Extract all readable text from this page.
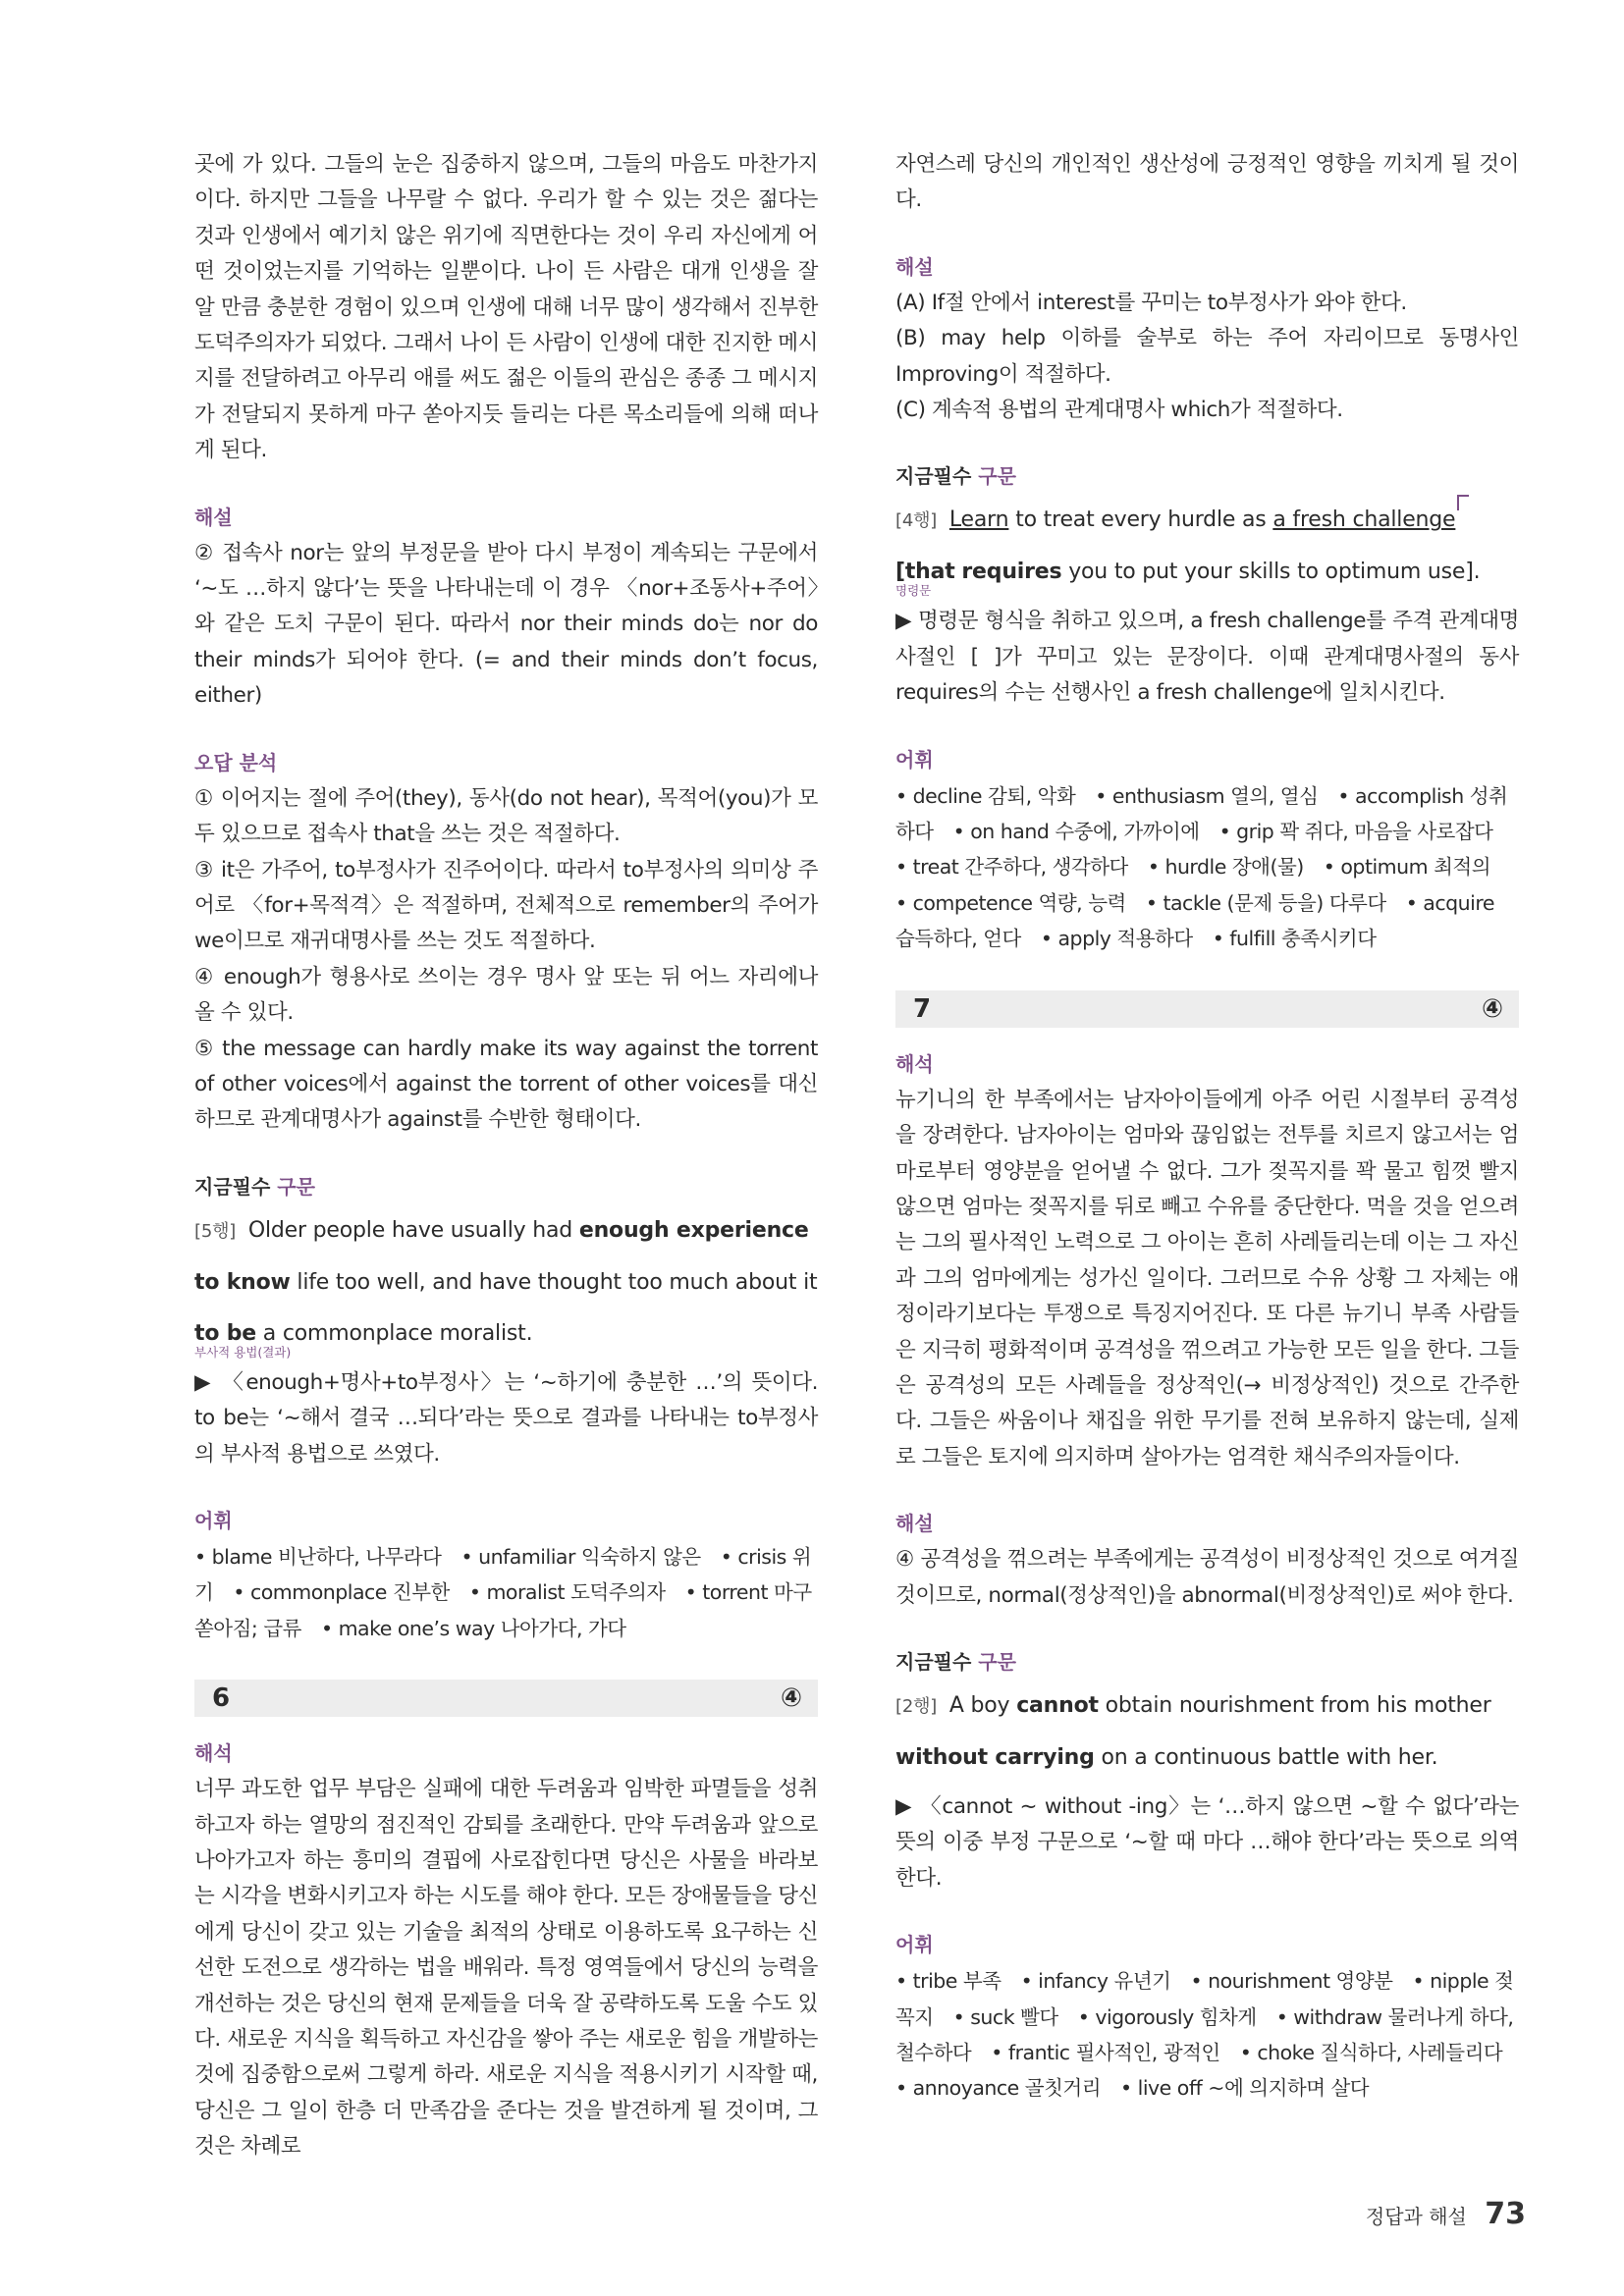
곳에 가 있다. 그들의 눈은 집중하지 않으며, 그들의 마음도 마찬가지이다. 하지만 그들을 나무랄 수 없다. 우리가 할 수 있는 것은 젊다는 것과 인생에서 예기치 않은 위기에 직면한다는 것이 우리 자신에게 어떤 것이었는지를 기억하는 일뿐이다. 나이 든 사람은 대개 인생을 잘 알 만큼 충분한 경험이 있으며 인생에 대해 너무 많이 생각해서 진부한 도덕주의자가 되었다. 그래서 나이 든 사람이 인생에 대한 진지한 메시지를 전달하려고 아무리 애를 써도 젊은 이들의 관심은 종종 그 메시지가 전달되지 못하게 마구 쏟아지듯 들리는 다른 목소리들에 의해 떠나게 된다.

해설

② 접속사 nor는 앞의 부정문을 받아 다시 부정이 계속되는 구문에서 ‘~도 …하지 않다’는 뜻을 나타내는데 이 경우 〈nor+조동사+주어〉와 같은 도치 구문이 된다. 따라서 nor their minds do는 nor do their minds가 되어야 한다. (= and their minds don’t focus, either)

오답 분석

① 이어지는 절에 주어(they), 동사(do not hear), 목적어(you)가 모두 있으므로 접속사 that을 쓰는 것은 적절하다.

③ it은 가주어, to부정사가 진주어이다. 따라서 to부정사의 의미상 주어로 〈for+목적격〉은 적절하며, 전체적으로 remember의 주어가 we이므로 재귀대명사를 쓰는 것도 적절하다.

④ enough가 형용사로 쓰이는 경우 명사 앞 또는 뒤 어느 자리에나 올 수 있다.

⑤ the message can hardly make its way against the torrent of other voices에서 against the torrent of other voices를 대신하므로 관계대명사가 against를 수반한 형태이다.

지금필수 구문

[5행] Older people have usually had enough experience to know life too well, and have thought too much about it to be a commonplace moralist.

부사적 용법(결과)

▶ 〈enough+명사+to부정사〉는 ‘~하기에 충분한 …’의 뜻이다. to be는 ‘~해서 결국 …되다’라는 뜻으로 결과를 나타내는 to부정사의 부사적 용법으로 쓰였다.

어휘

• blame 비난하다, 나무라다 • unfamiliar 익숙하지 않은 • crisis 위기 • commonplace 진부한 • moralist 도덕주의자 • torrent 마구 쏟아짐; 급류 • make one’s way 나아가다, 가다

6	④

해석

너무 과도한 업무 부담은 실패에 대한 두려움과 임박한 파멸들을 성취하고자 하는 열망의 점진적인 감퇴를 초래한다. 만약 두려움과 앞으로 나아가고자 하는 흥미의 결핍에 사로잡힌다면 당신은 사물을 바라보는 시각을 변화시키고자 하는 시도를 해야 한다. 모든 장애물들을 당신에게 당신이 갖고 있는 기술을 최적의 상태로 이용하도록 요구하는 신선한 도전으로 생각하는 법을 배워라. 특정 영역들에서 당신의 능력을 개선하는 것은 당신의 현재 문제들을 더욱 잘 공략하도록 도울 수도 있다. 새로운 지식을 획득하고 자신감을 쌓아 주는 새로운 힘을 개발하는 것에 집중함으로써 그렇게 하라. 새로운 지식을 적용시키기 시작할 때, 당신은 그 일이 한층 더 만족감을 준다는 것을 발견하게 될 것이며, 그것은 차례로

자연스레 당신의 개인적인 생산성에 긍정적인 영향을 끼치게 될 것이다.

해설

(A) If절 안에서 interest를 꾸미는 to부정사가 와야 한다.

(B) may help 이하를 술부로 하는 주어 자리이므로 동명사인 Improving이 적절하다.

(C) 계속적 용법의 관계대명사 which가 적절하다.

지금필수 구문

[4행] Learn to treat every hurdle as a fresh challenge [that requires you to put your skills to optimum use].

명령문

▶ 명령문 형식을 취하고 있으며, a fresh challenge를 주격 관계대명사절인 [ ]가 꾸미고 있는 문장이다. 이때 관계대명사절의 동사 requires의 수는 선행사인 a fresh challenge에 일치시킨다.

어휘

• decline 감퇴, 악화 • enthusiasm 열의, 열심 • accomplish 성취하다 • on hand 수중에, 가까이에 • grip 꽉 쥐다, 마음을 사로잡다 • treat 간주하다, 생각하다 • hurdle 장애(물) • optimum 최적의 • competence 역량, 능력 • tackle (문제 등을) 다루다 • acquire 습득하다, 얻다 • apply 적용하다 • fulfill 충족시키다

7	④

해석

뉴기니의 한 부족에서는 남자아이들에게 아주 어린 시절부터 공격성을 장려한다. 남자아이는 엄마와 끊임없는 전투를 치르지 않고서는 엄마로부터 영양분을 얻어낼 수 없다. 그가 젖꼭지를 꽉 물고 힘껏 빨지 않으면 엄마는 젖꼭지를 뒤로 빼고 수유를 중단한다. 먹을 것을 얻으려는 그의 필사적인 노력으로 그 아이는 흔히 사레들리는데 이는 그 자신과 그의 엄마에게는 성가신 일이다. 그러므로 수유 상황 그 자체는 애정이라기보다는 투쟁으로 특징지어진다. 또 다른 뉴기니 부족 사람들은 지극히 평화적이며 공격성을 꺾으려고 가능한 모든 일을 한다. 그들은 공격성의 모든 사례들을 정상적인(→ 비정상적인) 것으로 간주한다. 그들은 싸움이나 채집을 위한 무기를 전혀 보유하지 않는데, 실제로 그들은 토지에 의지하며 살아가는 엄격한 채식주의자들이다.

해설

④ 공격성을 꺾으려는 부족에게는 공격성이 비정상적인 것으로 여겨질 것이므로, normal(정상적인)을 abnormal(비정상적인)로 써야 한다.

지금필수 구문

[2행] A boy cannot obtain nourishment from his mother without carrying on a continuous battle with her.

▶ 〈cannot ~ without -ing〉는 ‘…하지 않으면 ~할 수 없다’라는 뜻의 이중 부정 구문으로 ‘~할 때 마다 …해야 한다’라는 뜻으로 의역한다.

어휘

• tribe 부족 • infancy 유년기 • nourishment 영양분 • nipple 젖꼭지 • suck 빨다 • vigorously 힘차게 • withdraw 물러나게 하다, 철수하다 • frantic 필사적인, 광적인 • choke 질식하다, 사레들리다 • annoyance 골칫거리 • live off ~에 의지하며 살다

정답과 해설 73
